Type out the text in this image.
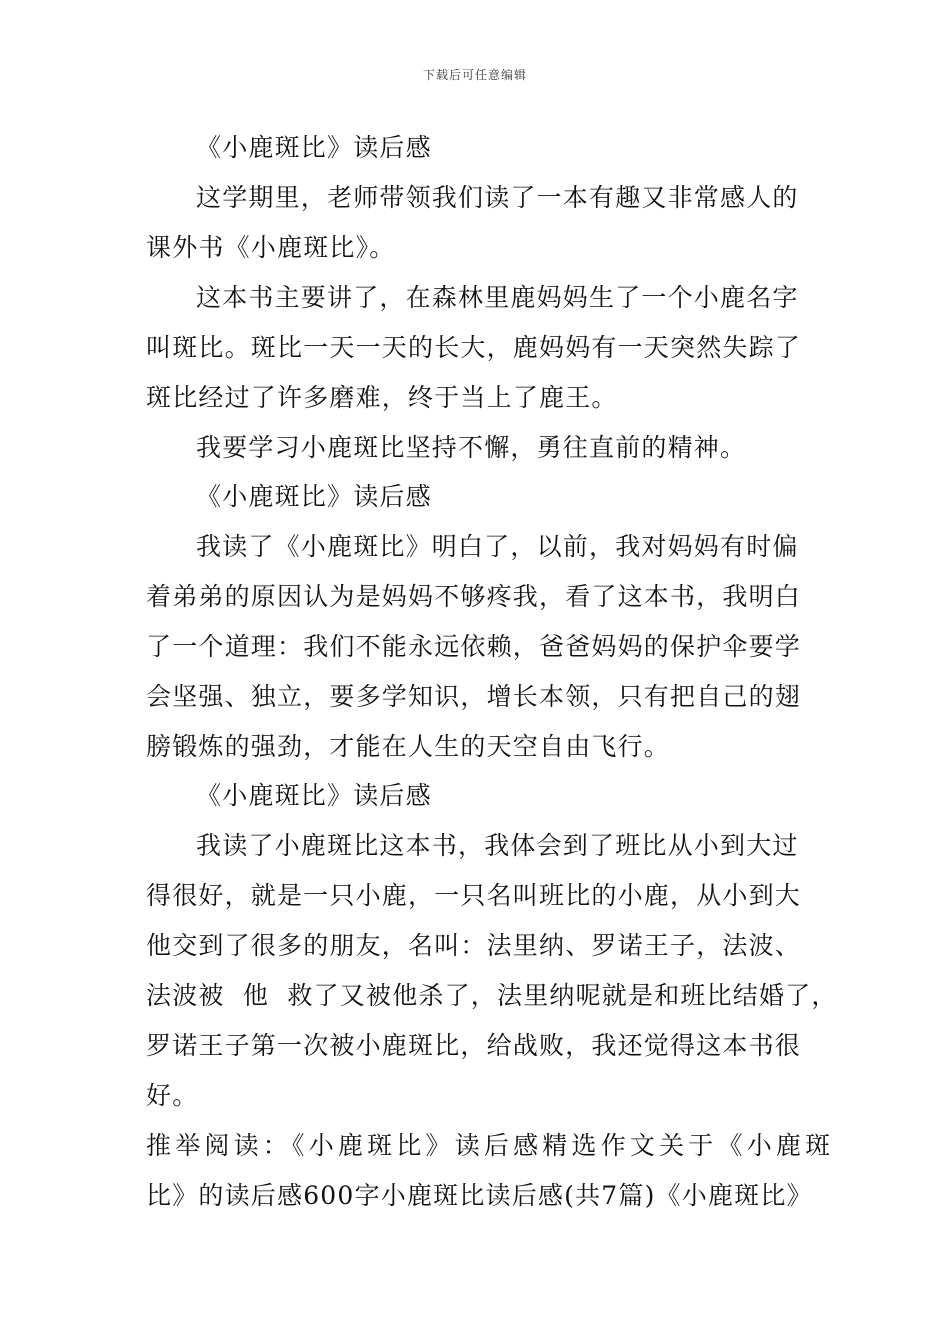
下载后可任意编辑
《小鹿斑比》读后感
这学期里，老师带领我们读了一本有趣又非常感人的
课外书《小鹿斑比》。
这本书主要讲了，在森林里鹿妈妈生了一个小鹿名字
叫斑比。斑比一天一天的长大，鹿妈妈有一天突然失踪了
斑比经过了许多磨难，终于当上了鹿王。
我要学习小鹿斑比坚持不懈，勇往直前的精神。
《小鹿斑比》读后感
我读了《小鹿斑比》明白了，以前，我对妈妈有时偏
着弟弟的原因认为是妈妈不够疼我，看了这本书，我明白
了一个道理：我们不能永远依赖，爸爸妈妈的保护伞要学
会坚强、独立，要多学知识，增长本领，只有把自己的翅
膀锻炼的强劲，才能在人生的天空自由飞行。
《小鹿斑比》读后感
我读了小鹿斑比这本书，我体会到了班比从小到大过
得很好，就是一只小鹿，一只名叫班比的小鹿，从小到大
他交到了很多的朋友，名叫：法里纳、罗诺王子，法波、
法波被  他  救了又被他杀了，法里纳呢就是和班比结婚了，
罗诺王子第一次被小鹿斑比，给战败，我还觉得这本书很
好。
推举阅读：《小鹿斑比》读后感精选作文关于《小鹿斑
比》的读后感600字小鹿斑比读后感(共7篇)《小鹿斑比》
